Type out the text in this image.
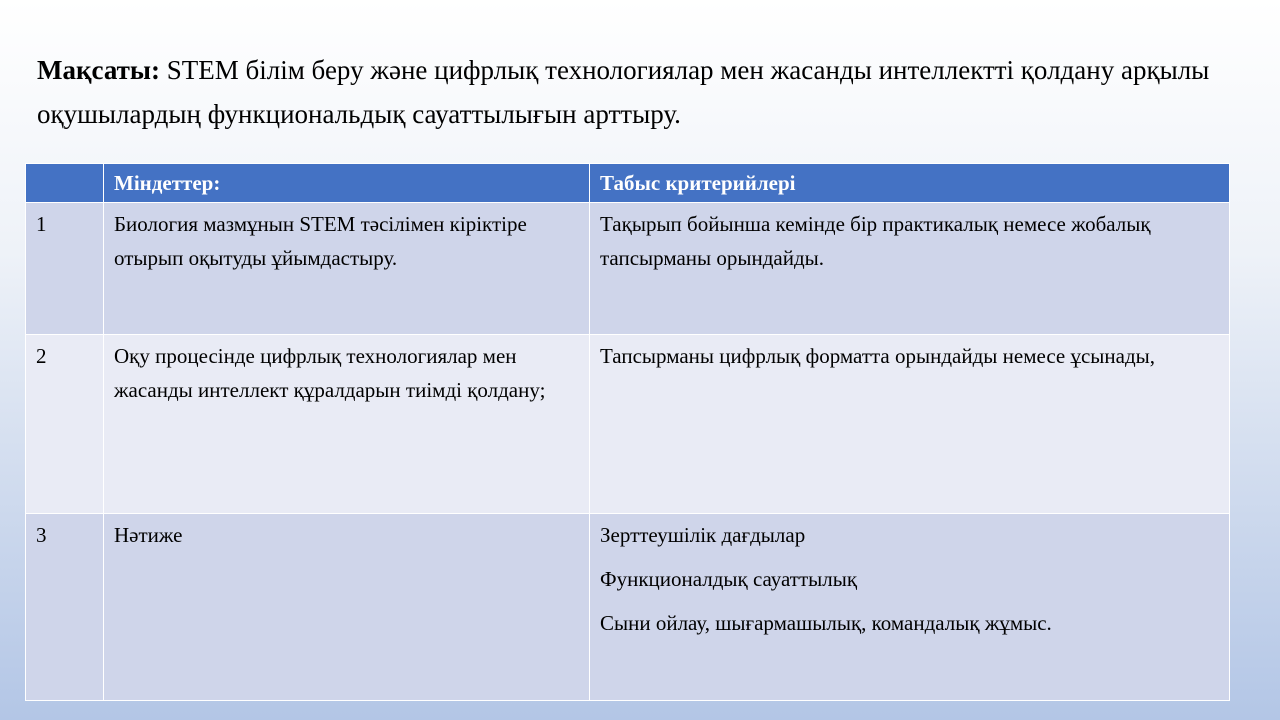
Мақсаты: STEM білім беру және цифрлық технологиялар мен жасанды интеллектті қолдану арқылы оқушылардың функциональдық сауаттылығын арттыру.
	Міндеттер:	Табыс критерийлері
1	Биология мазмұнын STEM тәсілімен кіріктіре отырып оқытуды ұйымдастыру.	Тақырып бойынша кемінде бір практикалық немесе жобалық тапсырманы орындайды.

2	Оқу процесінде цифрлық технологиялар мен жасанды интеллект құралдарын тиімді қолдану;	Тапсырманы цифрлық форматта орындайды немесе ұсынады,

3	Нәтиже	Зерттеушілік дағдылар
Функционалдық сауаттылық
Сыни ойлау, шығармашылық, командалық жұмыс.
